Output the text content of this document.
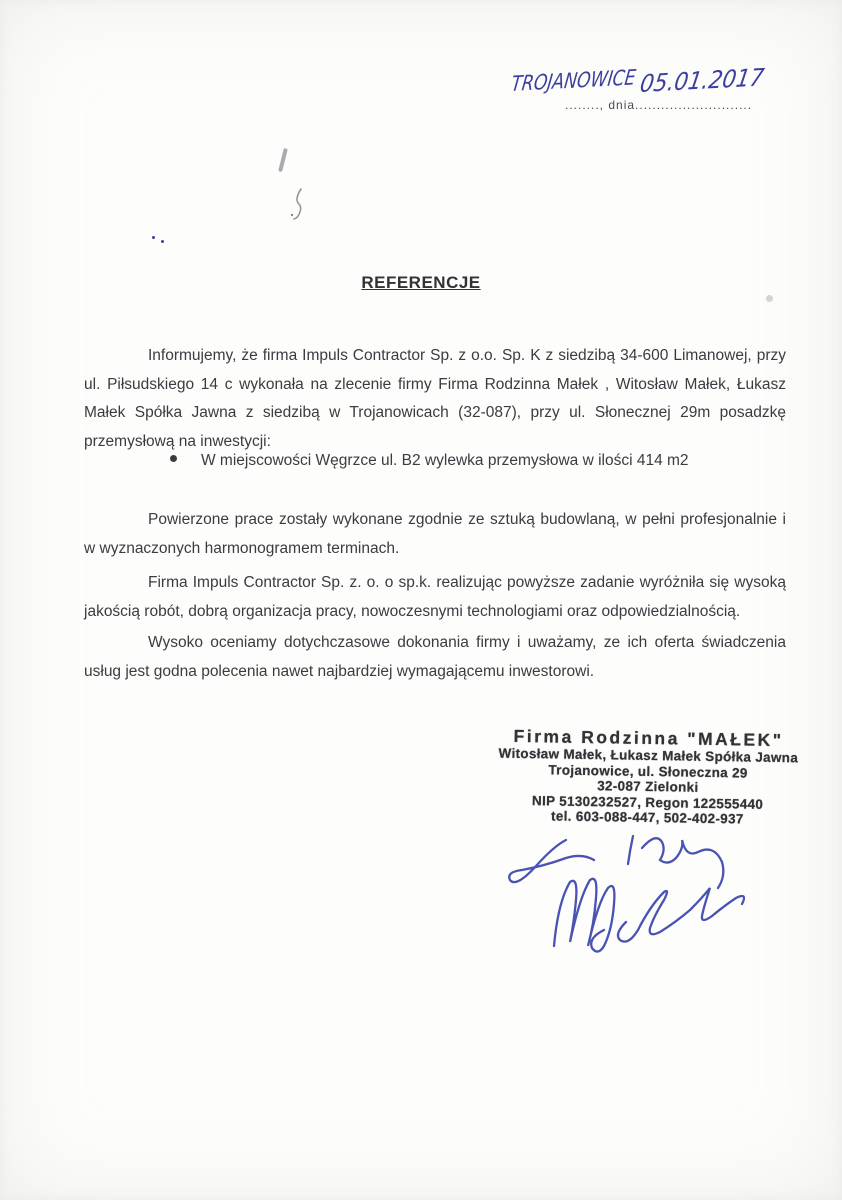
........, dnia...........................
TROJANOWICE 05.01.2017
REFERENCJE
Informujemy, że firma Impuls Contractor Sp. z o.o. Sp. K z siedzibą 34-600 Limanowej, przy ul. Piłsudskiego 14 c wykonała na zlecenie firmy Firma Rodzinna Małek , Witosław Małek, Łukasz Małek Spółka Jawna z siedzibą w Trojanowicach (32-087), przy ul. Słonecznej 29m posadzkę przemysłową na inwestycji:
W miejscowości Węgrzce ul. B2 wylewka przemysłowa w ilości 414 m2
Powierzone prace zostały wykonane zgodnie ze sztuką budowlaną, w pełni profesjonalnie i w wyznaczonych harmonogramem terminach.
Firma Impuls Contractor Sp. z. o. o sp.k. realizując powyższe zadanie wyróżniła się wysoką jakością robót, dobrą organizacja pracy, nowoczesnymi technologiami oraz odpowiedzialnością.
Wysoko oceniamy dotychczasowe dokonania firmy i uważamy, ze ich oferta świadczenia usług jest godna polecenia nawet najbardziej wymagającemu inwestorowi.
Firma Rodzinna "MAŁEK"
Witosław Małek, Łukasz Małek Spółka Jawna
Trojanowice, ul. Słoneczna 29
32-087 Zielonki
NIP 5130232527, Regon 122555440
tel. 603-088-447, 502-402-937
